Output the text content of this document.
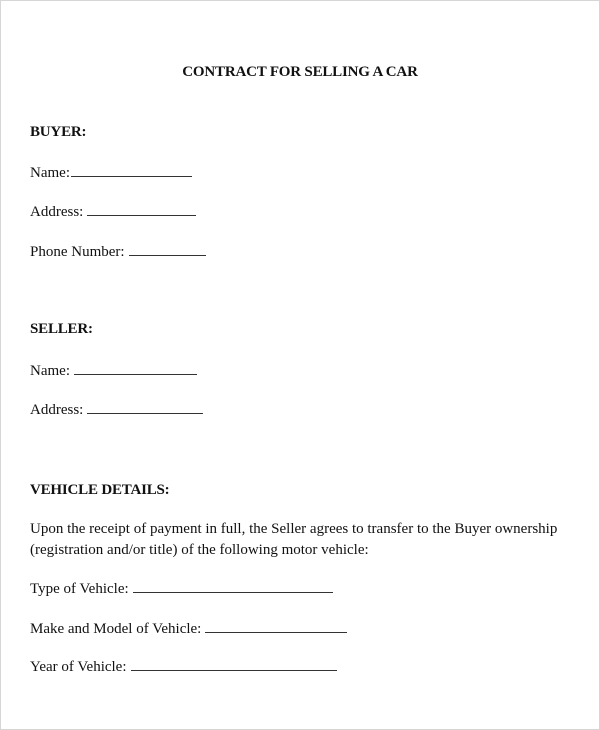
CONTRACT FOR SELLING A CAR
BUYER:
Name:
Address:
Phone Number:
SELLER:
Name:
Address:
VEHICLE DETAILS:
Upon the receipt of payment in full, the Seller agrees to transfer to the Buyer ownership (registration and/or title) of the following motor vehicle:
Type of Vehicle:
Make and Model of Vehicle:
Year of Vehicle:
